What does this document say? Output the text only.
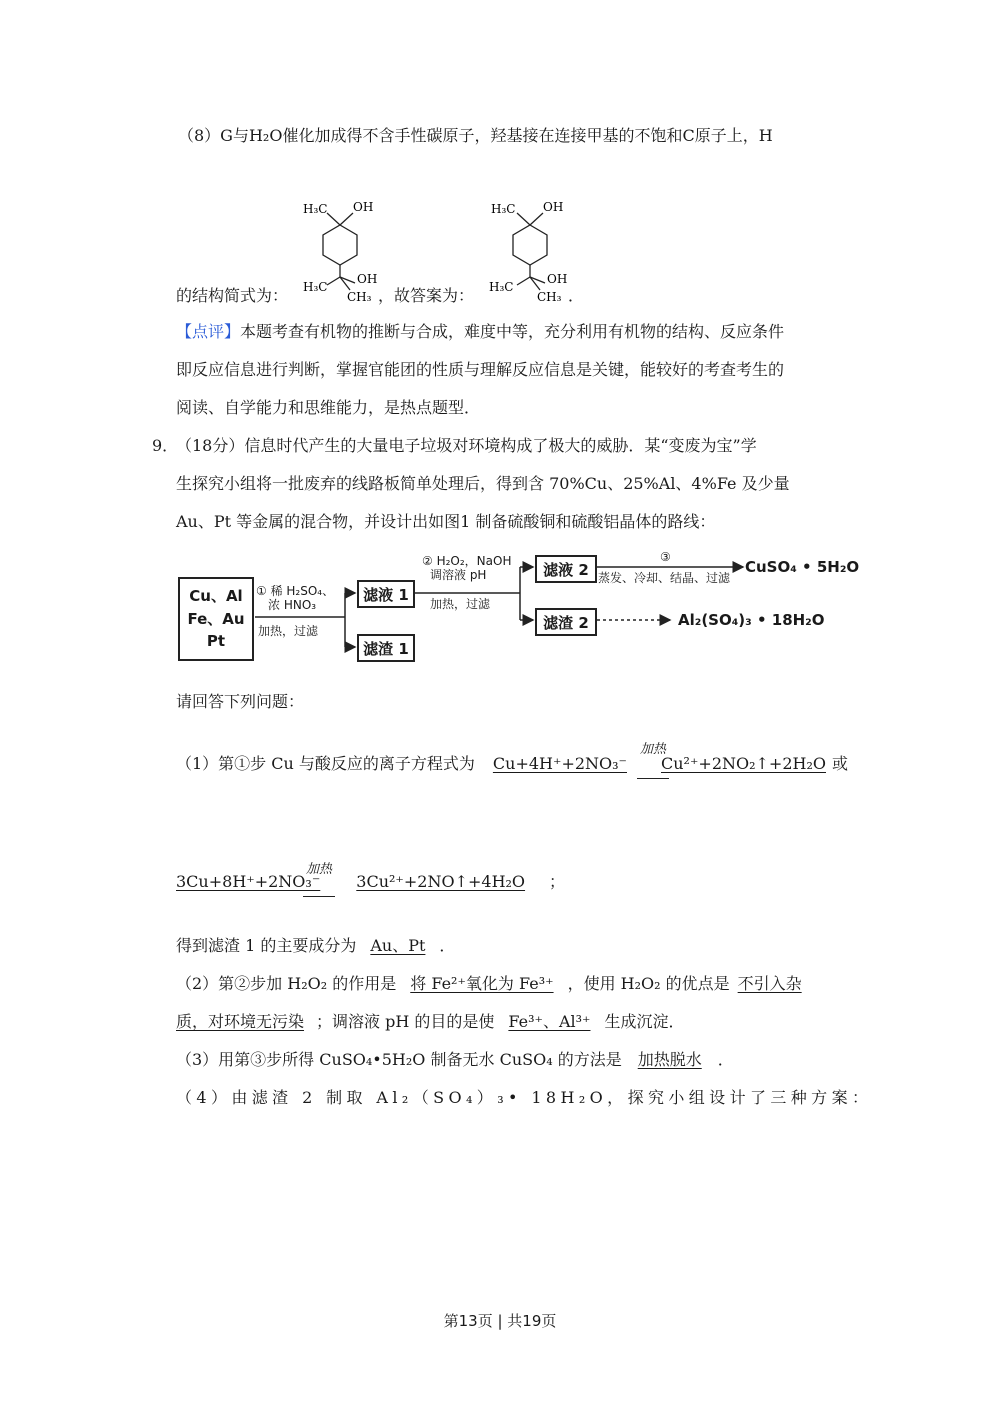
（8）G与H₂O催化加成得不含手性碳原子，羟基接在连接甲基的不饱和C原子上，H
H₃C OH
H₃C
OH
CH₃
H₃C OH
H₃C
OH
CH₃
的结构简式为：	，故答案为：	．
【点评】本题考查有机物的推断与合成，难度中等，充分利用有机物的结构、反应条件
即反应信息进行判断，掌握官能团的性质与理解反应信息是关键，能较好的考查考生的
阅读、自学能力和思维能力，是热点题型．
9．
（18分）信息时代产生的大量电子垃圾对环境构成了极大的威胁．某“变废为宝”学
生探究小组将一批废弃的线路板简单处理后，得到含 70%Cu、25%Al、4%Fe 及少量
Au、Pt 等金属的混合物，并设计出如图1 制备硫酸铜和硫酸铝晶体的路线：
Cu、Al
Fe、Au
Pt
① 稀 H₂SO₄、
浓 HNO₃
加热，过滤
滤液 1
滤渣 1
② H₂O₂，NaOH
调溶液 pH
加热，过滤
滤液 2
滤渣 2
③
蒸发、冷却、结晶、过滤
CuSO₄ • 5H₂O
Al₂(SO₄)₃ • 18H₂O
请回答下列问题：
加热
（1）第①步 Cu 与酸反应的离子方程式为 Cu+4H⁺+2NO₃⁻ Cu²⁺+2NO₂↑+2H₂O 或
加热
3Cu+8H⁺+2NO₃⁻ 3Cu²⁺+2NO↑+4H₂O ；
得到滤渣 1 的主要成分为 Au、Pt ．
（2）第②步加 H₂O₂ 的作用是 将 Fe²⁺氧化为 Fe³⁺ ，使用 H₂O₂ 的优点是 不引入杂
质，对环境无污染 ；调溶液 pH 的目的是使 Fe³⁺、Al³⁺ 生成沉淀．
（3）用第③步所得 CuSO₄•5H₂O 制备无水 CuSO₄ 的方法是 加热脱水 ．
（4）由滤渣 2 制取 Al₂（SO₄）₃• 18H₂O，探究小组设计了三种方案：
第13页 | 共19页
